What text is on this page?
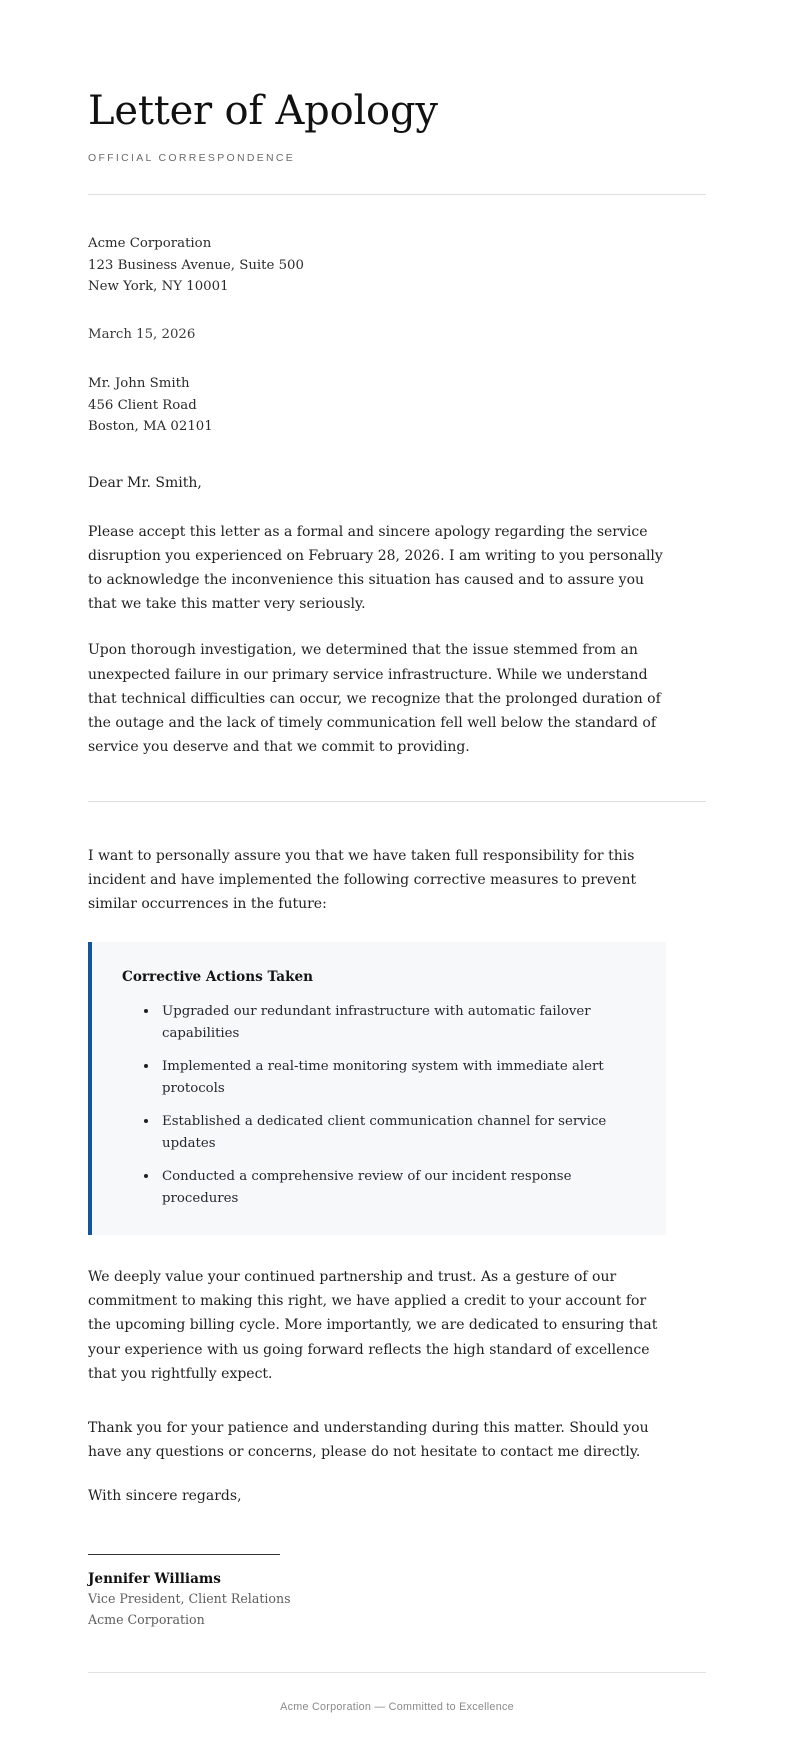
Letter of Apology
OFFICIAL CORRESPONDENCE
Acme Corporation
123 Business Avenue, Suite 500
New York, NY 10001
March 15, 2026
Mr. John Smith
456 Client Road
Boston, MA 02101
Dear Mr. Smith,

Please accept this letter as a formal and sincere apology regarding the service disruption you experienced on February 28, 2026. I am writing to you personally to acknowledge the inconvenience this situation has caused and to assure you that we take this matter very seriously.

Upon thorough investigation, we determined that the issue stemmed from an unexpected failure in our primary service infrastructure. While we understand that technical difficulties can occur, we recognize that the prolonged duration of the outage and the lack of timely communication fell well below the standard of service you deserve and that we commit to providing.

I want to personally assure you that we have taken full responsibility for this incident and have implemented the following corrective measures to prevent similar occurrences in the future:

Corrective Actions Taken
Upgraded our redundant infrastructure with automatic failover capabilities
Implemented a real-time monitoring system with immediate alert protocols
Established a dedicated client communication channel for service updates
Conducted a comprehensive review of our incident response procedures

We deeply value your continued partnership and trust. As a gesture of our commitment to making this right, we have applied a credit to your account for the upcoming billing cycle. More importantly, we are dedicated to ensuring that your experience with us going forward reflects the high standard of excellence that you rightfully expect.

Thank you for your patience and understanding during this matter. Should you have any questions or concerns, please do not hesitate to contact me directly.

With sincere regards,

Jennifer Williams
Vice President, Client Relations
Acme Corporation
Acme Corporation — Committed to Excellence
